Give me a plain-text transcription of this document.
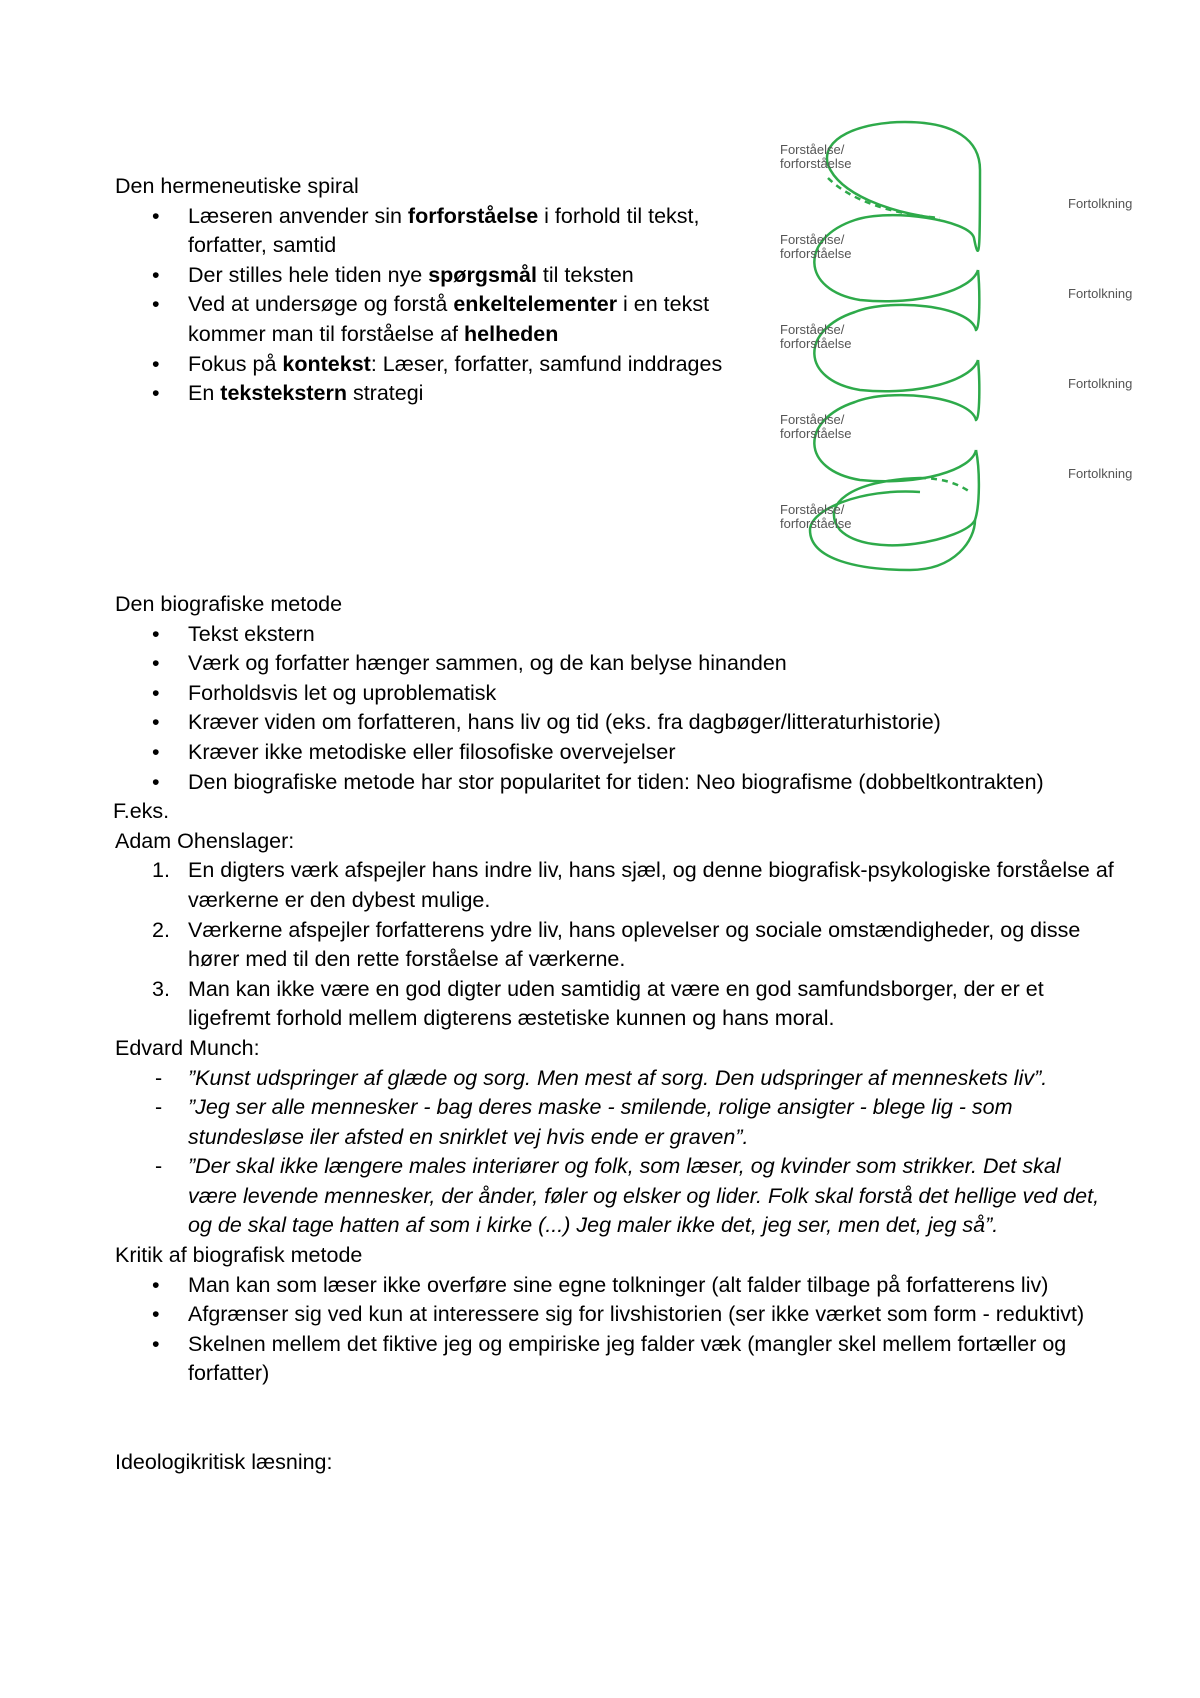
Den hermeneutiske spiral

• Læseren anvender sin forforståelse i forhold til tekst, forfatter, samtid
• Der stilles hele tiden nye spørgsmål til teksten
• Ved at undersøge og forstå enkeltelementer i en tekst kommer man til forståelse af helheden
• Fokus på kontekst: Læser, forfatter, samfund inddrages
• En tekstekstern strategi
Forståelse/
forforståelse
Forståelse/
forforståelse
Forståelse/
forforståelse
Forståelse/
forforståelse
Forståelse/
forforståelse
Fortolkning
Fortolkning
Fortolkning
Fortolkning

Den biografiske metode

• Tekst ekstern
• Værk og forfatter hænger sammen, og de kan belyse hinanden
• Forholdsvis let og uproblematisk
• Kræver viden om forfatteren, hans liv og tid (eks. fra dagbøger/litteraturhistorie)
• Kræver ikke metodiske eller filosofiske overvejelser
• Den biografiske metode har stor popularitet for tiden: Neo biografisme (dobbeltkontrakten)

F.eks.

Adam Ohenslager:

1. En digters værk afspejler hans indre liv, hans sjæl, og denne biografisk-psykologiske forståelse af værkerne er den dybest mulige.
2. Værkerne afspejler forfatterens ydre liv, hans oplevelser og sociale omstændigheder, og disse hører med til den rette forståelse af værkerne.
3. Man kan ikke være en god digter uden samtidig at være en god samfundsborger, der er et ligefremt forhold mellem digterens æstetiske kunnen og hans moral.

Edvard Munch:

- ”Kunst udspringer af glæde og sorg. Men mest af sorg. Den udspringer af menneskets liv”.
- ”Jeg ser alle mennesker - bag deres maske - smilende, rolige ansigter - blege lig - som stundesløse iler afsted en snirklet vej hvis ende er graven”.
- ”Der skal ikke længere males interiører og folk, som læser, og kvinder som strikker. Det skal være levende mennesker, der ånder, føler og elsker og lider. Folk skal forstå det hellige ved det, og de skal tage hatten af som i kirke (...) Jeg maler ikke det, jeg ser, men det, jeg så”.

Kritik af biografisk metode

• Man kan som læser ikke overføre sine egne tolkninger (alt falder tilbage på forfatterens liv)
• Afgrænser sig ved kun at interessere sig for livshistorien (ser ikke værket som form - reduktivt)
• Skelnen mellem det fiktive jeg og empiriske jeg falder væk (mangler skel mellem fortæller og forfatter)

Ideologikritisk læsning:
